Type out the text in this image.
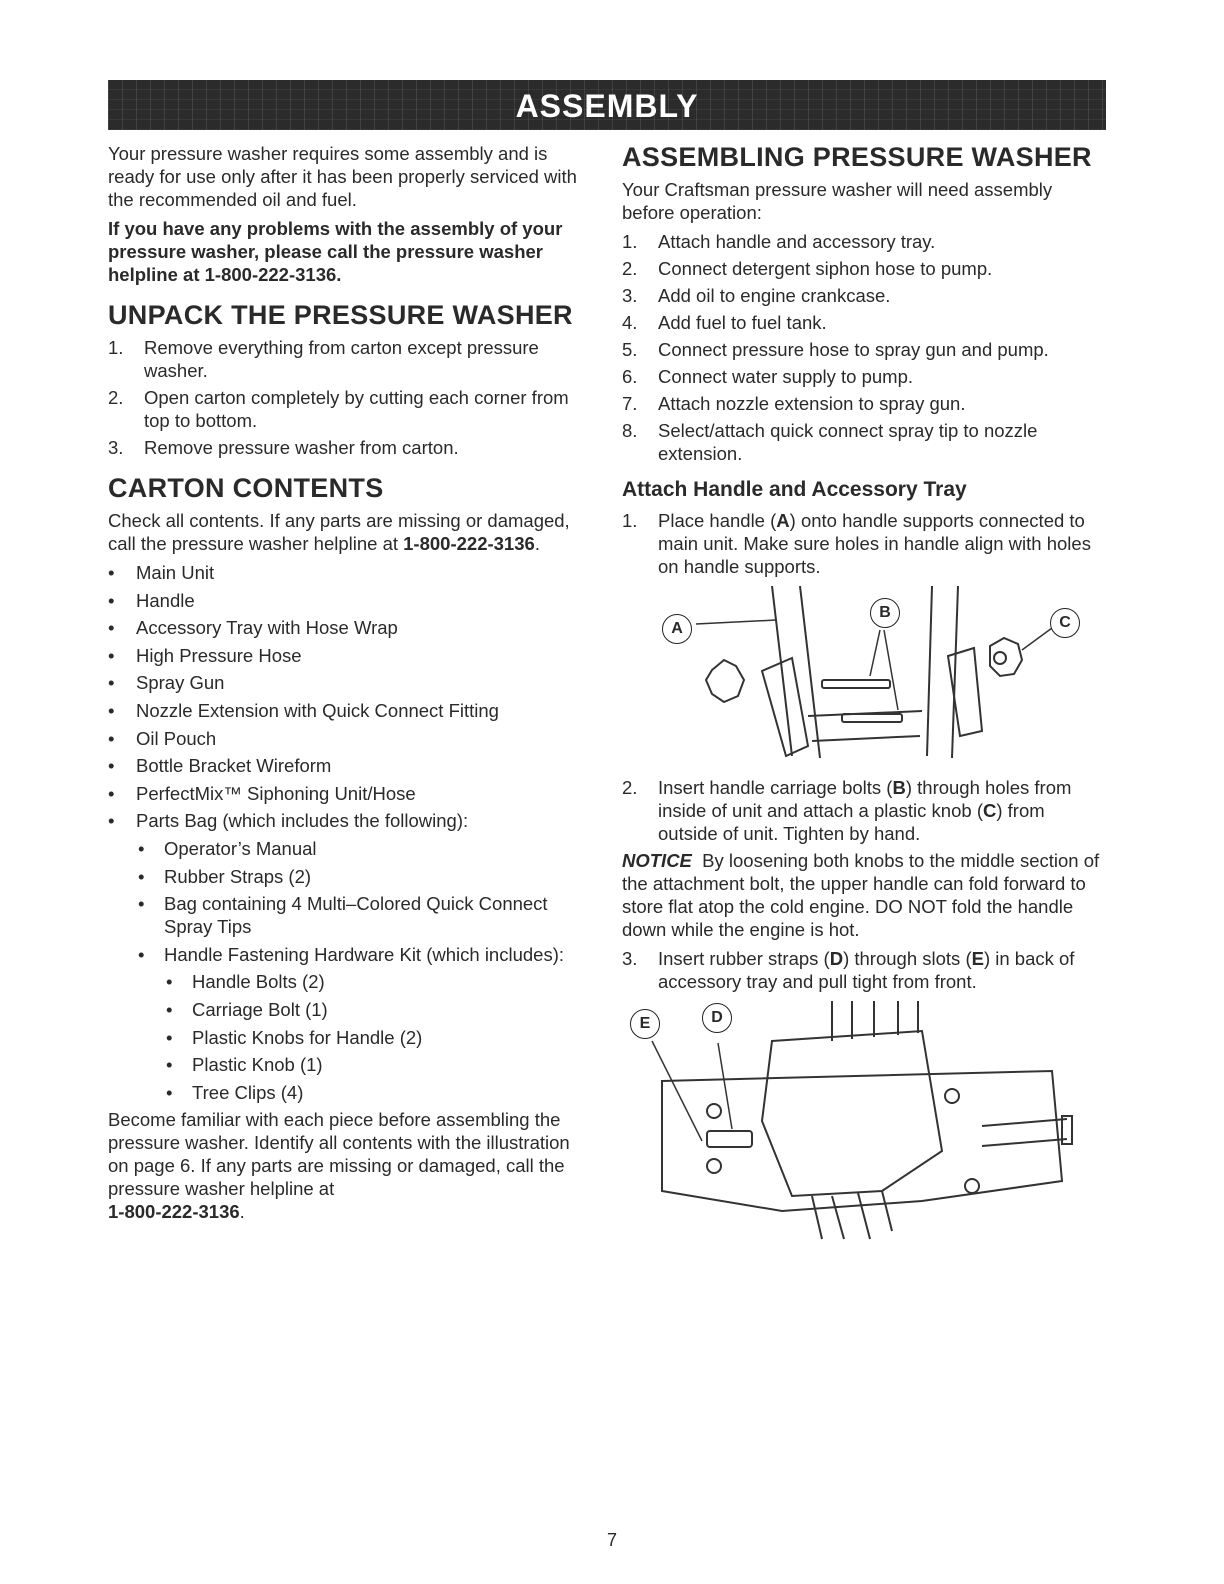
ASSEMBLY

Your pressure washer requires some assembly and is ready for use only after it has been properly serviced with the recommended oil and fuel.

If you have any problems with the assembly of your pressure washer, please call the pressure washer helpline at 1-800-222-3136.

UNPACK THE PRESSURE WASHER
1. Remove everything from carton except pressure washer.
2. Open carton completely by cutting each corner from top to bottom.
3. Remove pressure washer from carton.
CARTON CONTENTS

Check all contents. If any parts are missing or damaged, call the pressure washer helpline at 1-800-222-3136.

• Main Unit
• Handle
• Accessory Tray with Hose Wrap
• High Pressure Hose
• Spray Gun
• Nozzle Extension with Quick Connect Fitting
• Oil Pouch
• Bottle Bracket Wireform
• PerfectMix™ Siphoning Unit/Hose
• Parts Bag (which includes the following):
• Operator’s Manual
• Rubber Straps (2)
• Bag containing 4 Multi–Colored Quick Connect Spray Tips
• Handle Fastening Hardware Kit (which includes):
• Handle Bolts (2)
• Carriage Bolt (1)
• Plastic Knobs for Handle (2)
• Plastic Knob (1)
• Tree Clips (4)

Become familiar with each piece before assembling the pressure washer. Identify all contents with the illustration on page 6. If any parts are missing or damaged, call the pressure washer helpline at
1-800-222-3136.

ASSEMBLING PRESSURE WASHER

Your Craftsman pressure washer will need assembly before operation:

1. Attach handle and accessory tray.
2. Connect detergent siphon hose to pump.
3. Add oil to engine crankcase.
4. Add fuel to fuel tank.
5. Connect pressure hose to spray gun and pump.
6. Connect water supply to pump.
7. Attach nozzle extension to spray gun.
8. Select/attach quick connect spray tip to nozzle extension.
Attach Handle and Accessory Tray
1. Place handle (A) onto handle supports connected to main unit. Make sure holes in handle align with holes on handle supports.
A
B
C
2. Insert handle carriage bolts (B) through holes from inside of unit and attach a plastic knob (C) from outside of unit. Tighten by hand.

NOTICE By loosening both knobs to the middle section of the attachment bolt, the upper handle can fold forward to store flat atop the cold engine. DO NOT fold the handle down while the engine is hot.

3. Insert rubber straps (D) through slots (E) in back of accessory tray and pull tight from front.
E	D
7
